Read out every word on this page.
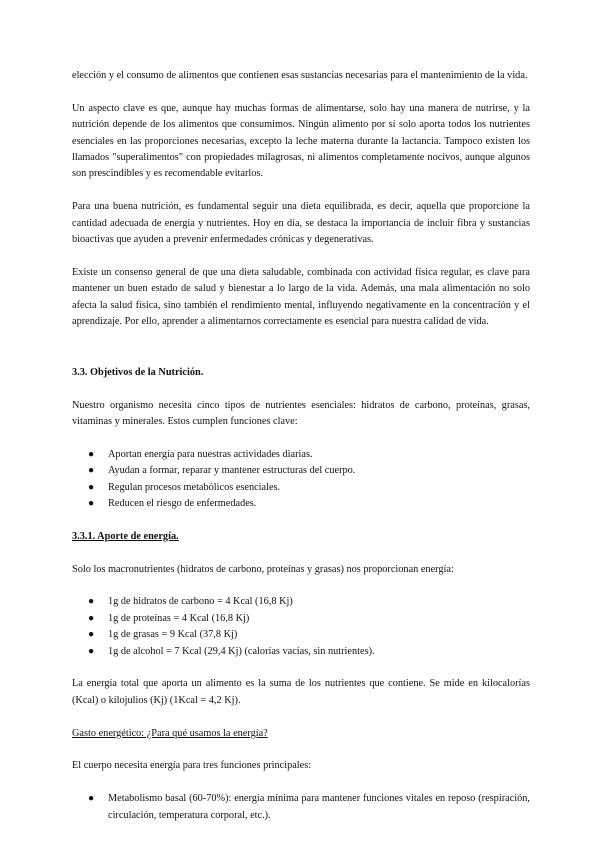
elección y el consumo de alimentos que contienen esas sustancias necesarias para el mantenimiento de la vida.

Un aspecto clave es que, aunque hay muchas formas de alimentarse, solo hay una manera de nutrirse, y la nutrición depende de los alimentos que consumimos. Ningún alimento por sí solo aporta todos los nutrientes esenciales en las proporciones necesarias, excepto la leche materna durante la lactancia. Tampoco existen los llamados "superalimentos" con propiedades milagrosas, ni alimentos completamente nocivos, aunque algunos son prescindibles y es recomendable evitarlos.

Para una buena nutrición, es fundamental seguir una dieta equilibrada, es decir, aquella que proporcione la cantidad adecuada de energía y nutrientes. Hoy en día, se destaca la importancia de incluir fibra y sustancias bioactivas que ayuden a prevenir enfermedades crónicas y degenerativas.

Existe un consenso general de que una dieta saludable, combinada con actividad física regular, es clave para mantener un buen estado de salud y bienestar a lo largo de la vida. Además, una mala alimentación no solo afecta la salud física, sino también el rendimiento mental, influyendo negativamente en la concentración y el aprendizaje. Por ello, aprender a alimentarnos correctamente es esencial para nuestra calidad de vida.

3.3. Objetivos de la Nutrición.

Nuestro organismo necesita cinco tipos de nutrientes esenciales: hidratos de carbono, proteínas, grasas, vitaminas y minerales. Estos cumplen funciones clave:

● Aportan energía para nuestras actividades diarias.
● Ayudan a formar, reparar y mantener estructuras del cuerpo.
● Regulan procesos metabólicos esenciales.
● Reducen el riesgo de enfermedades.
3.3.1. Aporte de energía.

Solo los macronutrientes (hidratos de carbono, proteínas y grasas) nos proporcionan energía:

● 1g de hidratos de carbono = 4 Kcal (16,8 Kj)
● 1g de proteínas = 4 Kcal (16,8 Kj)
● 1g de grasas = 9 Kcal (37,8 Kj)
● 1g de alcohol = 7 Kcal (29,4 Kj) (calorías vacías, sin nutrientes).

La energía total que aporta un alimento es la suma de los nutrientes que contiene. Se mide en kilocalorías (Kcal) o kilojulios (Kj) (1Kcal = 4,2 Kj).

Gasto energético: ¿Para qué usamos la energía?

El cuerpo necesita energía para tres funciones principales:

● Metabolismo basal (60-70%): energía mínima para mantener funciones vitales en reposo (respiración, circulación, temperatura corporal, etc.).
